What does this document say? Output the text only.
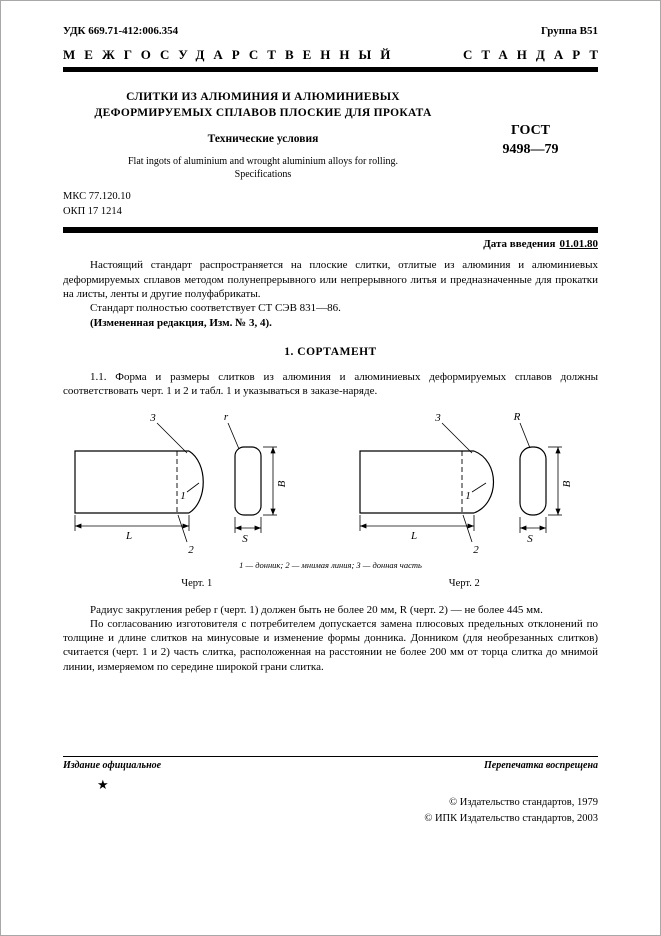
УДК 669.71-412:006.354	Группа В51
МЕЖГОСУДАРСТВЕННЫЙ	СТАНДАРТ
СЛИТКИ ИЗ АЛЮМИНИЯ И АЛЮМИНИЕВЫХ
ДЕФОРМИРУЕМЫХ СПЛАВОВ ПЛОСКИЕ ДЛЯ ПРОКАТА
Технические условия
Flat ingots of aluminium and wrought aluminium alloys for rolling.
Specifications
МКС 77.120.10
ОКП 17 1214
ГОСТ
9498—79
Дата введения 01.01.80

Настоящий стандарт распространяется на плоские слитки, отлитые из алюминия и алюминиевых деформируемых сплавов методом полунепрерывного или непрерывного литья и предназначенные для прокатки на листы, ленты и другие полуфабрикаты.

Стандарт полностью соответствует СТ СЭВ 831—86.

(Измененная редакция, Изм. № 3, 4).

1. СОРТАМЕНТ

1.1. Форма и размеры слитков из алюминия и алюминиевых деформируемых сплавов должны соответствовать черт. 1 и 2 и табл. 1 и указываться в заказе-наряде.

3
1
2
L
r
S
В
3
1
2
L
R
S
В
1 — донник; 2 — мнимая линия; 3 — донная часть
Черт. 1	Черт. 2

Радиус закругления ребер r (черт. 1) должен быть не более 20 мм, R (черт. 2) — не более 445 мм.

По согласованию изготовителя с потребителем допускается замена плюсовых предельных отклонений по толщине и длине слитков на минусовые и изменение формы донника. Донником (для необрезанных слитков) считается (черт. 1 и 2) часть слитка, расположенная на расстоянии не более 200 мм от торца слитка до мнимой линии, измеряемом по середине широкой грани слитка.

Издание официальное	Перепечатка воспрещена
★
© Издательство стандартов, 1979
© ИПК Издательство стандартов, 2003
